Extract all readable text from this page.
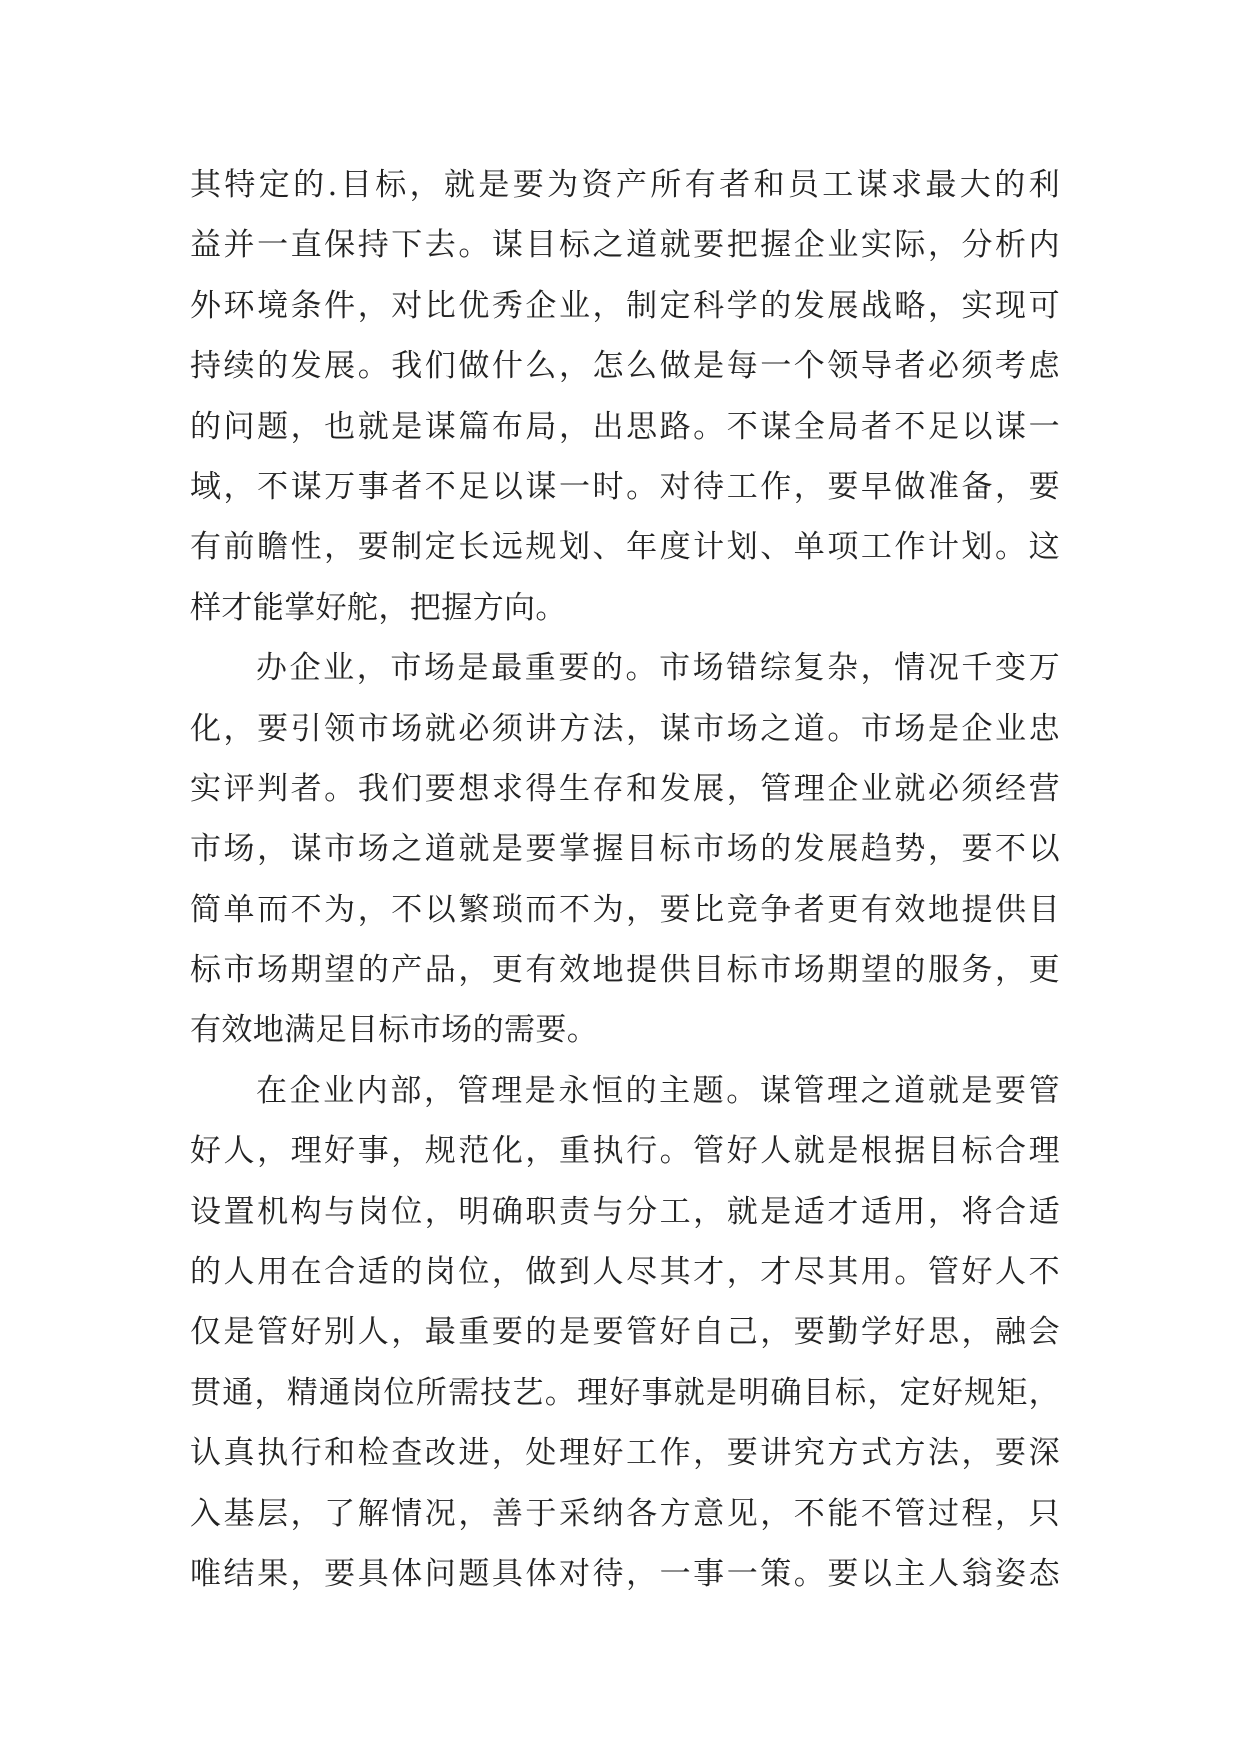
其特定的.目标，就是要为资产所有者和员工谋求最大的利
益并一直保持下去。谋目标之道就要把握企业实际，分析内
外环境条件，对比优秀企业，制定科学的发展战略，实现可
持续的发展。我们做什么，怎么做是每一个领导者必须考虑
的问题，也就是谋篇布局，出思路。不谋全局者不足以谋一
域，不谋万事者不足以谋一时。对待工作，要早做准备，要
有前瞻性，要制定长远规划、年度计划、单项工作计划。这
样才能掌好舵，把握方向。

办企业，市场是最重要的。市场错综复杂，情况千变万
化，要引领市场就必须讲方法，谋市场之道。市场是企业忠
实评判者。我们要想求得生存和发展，管理企业就必须经营
市场，谋市场之道就是要掌握目标市场的发展趋势，要不以
简单而不为，不以繁琐而不为，要比竞争者更有效地提供目
标市场期望的产品，更有效地提供目标市场期望的服务，更
有效地满足目标市场的需要。

在企业内部，管理是永恒的主题。谋管理之道就是要管
好人，理好事，规范化，重执行。管好人就是根据目标合理
设置机构与岗位，明确职责与分工，就是适才适用，将合适
的人用在合适的岗位，做到人尽其才，才尽其用。管好人不
仅是管好别人，最重要的是要管好自己，要勤学好思，融会
贯通，精通岗位所需技艺。理好事就是明确目标，定好规矩，
认真执行和检查改进，处理好工作，要讲究方式方法，要深
入基层，了解情况，善于采纳各方意见，不能不管过程，只
唯结果，要具体问题具体对待，一事一策。要以主人翁姿态
